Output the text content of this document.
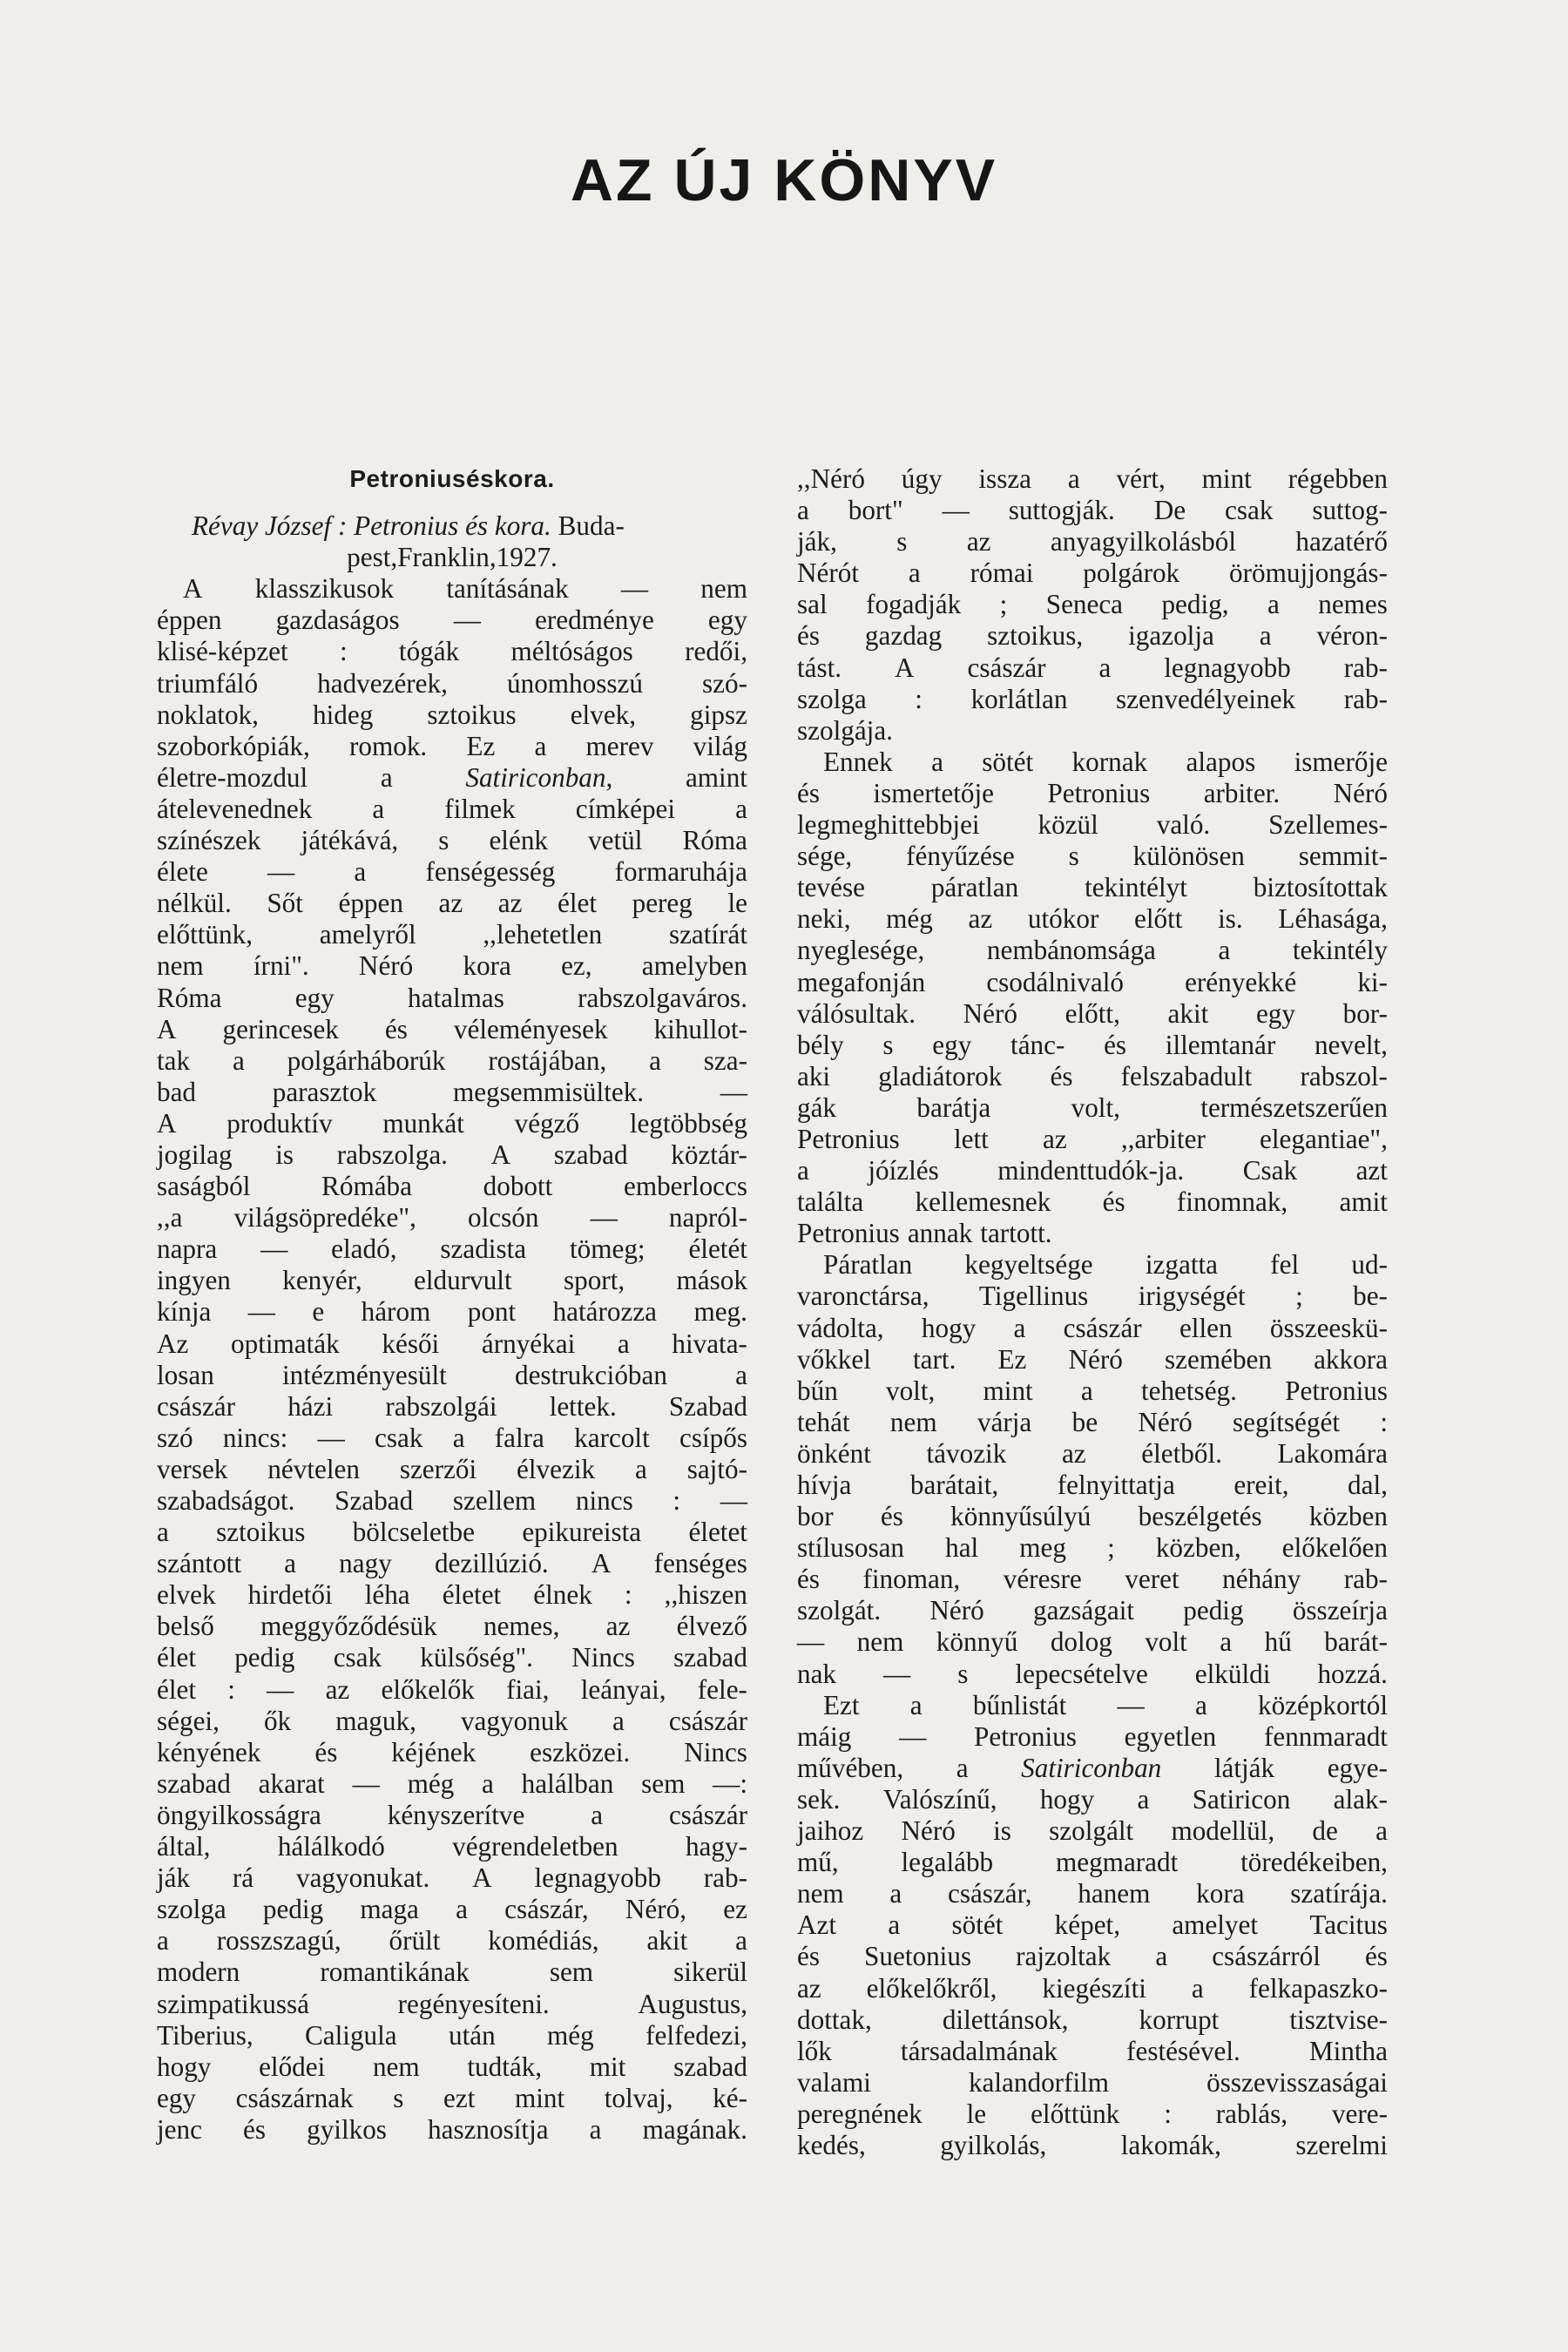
AZ ÚJ KÖNYV
Petronius és kora.
Révay József : Petronius és kora. Buda-
pest, Franklin, 1927.
A klasszikusok tanításának — nem
éppen gazdaságos — eredménye egy
klisé-képzet : tógák méltóságos redői,
triumfáló hadvezérek, únomhosszú szó-
noklatok, hideg sztoikus elvek, gipsz
szoborkópiák, romok. Ez a merev világ
életre-mozdul	a	Satiriconban,	amint
átelevenednek a filmek címképei a
színészek játékává, s elénk vetül Róma
élete — a fenségesség formaruhája
nélkül. Sőt éppen az az élet pereg le
előttünk, amelyről ,,lehetetlen szatírát
nem írni". Néró kora ez, amelyben
Róma	egy	hatalmas	rabszolgaváros.
A gerincesek és véleményesek kihullot-
tak a polgárháborúk rostájában, a sza-
bad	parasztok	megsemmisültek.	—
A produktív munkát végző legtöbbség
jogilag is rabszolga. A szabad köztár-
saságból	Rómába	dobott	emberloccs
,,a világsöpredéke", olcsón — napról-
napra — eladó, szadista tömeg; életét
ingyen kenyér, eldurvult sport, mások
kínja — e három pont határozza meg.
Az optimaták késői árnyékai a hivata-
losan	intézményesült	destrukcióban	a
császár házi rabszolgái lettek. Szabad
szó nincs: — csak a falra karcolt csípős
versek névtelen szerzői élvezik a sajtó-
szabadságot. Szabad szellem nincs : —
a sztoikus bölcseletbe epikureista életet
szántott a nagy dezillúzió. A fenséges
elvek hirdetői léha életet élnek : ,,hiszen
belső meggyőződésük nemes, az élvező
élet pedig csak külsőség". Nincs szabad
élet : — az előkelők fiai, leányai, fele-
ségei, ők maguk, vagyonuk a császár
kényének és kéjének eszközei. Nincs
szabad akarat — még a halálban sem —:
öngyilkosságra kényszerítve a császár
által, hálálkodó végrendeletben hagy-
ják rá vagyonukat. A legnagyobb rab-
szolga pedig maga a császár, Néró, ez
a rosszszagú, őrült komédiás, akit a
modern	romantikának	sem	sikerül
szimpatikussá	regényesíteni.	Augustus,
Tiberius, Caligula után még felfedezi,
hogy elődei nem tudták, mit szabad
egy császárnak s ezt mint tolvaj, ké-
jenc és gyilkos hasznosítja a magának.
,,Néró úgy issza a vért, mint régebben
a bort" — suttogják. De csak suttog-
ják, s az anyagyilkolásból hazatérő
Nérót a római polgárok örömujjongás-
sal fogadják ; Seneca pedig, a nemes
és gazdag sztoikus, igazolja a véron-
tást. A császár a legnagyobb rab-
szolga : korlátlan szenvedélyeinek rab-
szolgája.
Ennek a sötét kornak alapos ismerője
és ismertetője Petronius arbiter. Néró
legmeghittebbjei közül való. Szellemes-
sége, fényűzése s különösen semmit-
tevése páratlan tekintélyt biztosítottak
neki, még az utókor előtt is. Léhasága,
nyeglesége, nembánomsága a tekintély
megafonján csodálnivaló erényekké ki-
válósultak. Néró előtt, akit egy bor-
bély s egy tánc- és illemtanár nevelt,
aki gladiátorok és felszabadult rabszol-
gák	barátja	volt,	természetszerűen
Petronius lett az ,,arbiter elegantiae",
a jóízlés mindenttudók-ja. Csak azt
találta kellemesnek és finomnak, amit
Petronius annak tartott.
Páratlan kegyeltsége izgatta fel ud-
varonctársa, Tigellinus irigységét ; be-
vádolta, hogy a császár ellen összeeskü-
vőkkel tart. Ez Néró szemében akkora
bűn volt, mint a tehetség. Petronius
tehát nem várja be Néró segítségét :
önként távozik az életből. Lakomára
hívja barátait, felnyittatja ereit, dal,
bor és könnyűsúlyú beszélgetés közben
stílusosan hal meg ; közben, előkelően
és finoman, véresre veret néhány rab-
szolgát. Néró gazságait pedig összeírja
— nem könnyű dolog volt a hű barát-
nak — s lepecsételve elküldi hozzá.
Ezt a bűnlistát — a középkortól
máig — Petronius egyetlen fennmaradt
művében, a Satiriconban látják egye-
sek. Valószínű, hogy a Satiricon alak-
jaihoz Néró is szolgált modellül, de a
mű, legalább megmaradt töredékeiben,
nem a császár, hanem kora szatírája.
Azt a sötét képet, amelyet Tacitus
és Suetonius rajzoltak a császárról és
az előkelőkről, kiegészíti a felkapaszko-
dottak,	dilettánsok,	korrupt	tisztvise-
lők	társadalmának	festésével.	Mintha
valami	kalandorfilm	összevisszaságai
peregnének le előttünk : rablás, vere-
kedés,	gyilkolás,	lakomák,	szerelmi
